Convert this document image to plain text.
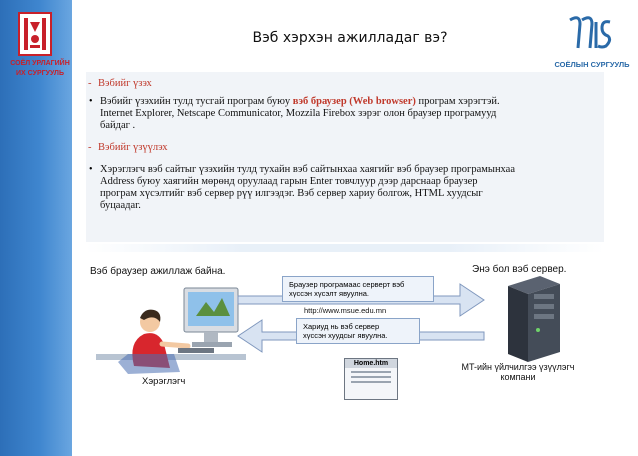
СОЁЛ УРЛАГИЙН
ИХ СУРГУУЛЬ
СОЁЛЫН СУРГУУЛЬ
Вэб хэрхэн ажилладаг вэ?
- Вэбийг үзэх
• Вэбийг үзэхийн тулд тусгай програм буюу вэб браузер (Web browser) програм хэрэгтэй.
Internet Explorer, Netscape Communicator, Mozzila Firebox зэрэг олон браузер програмууд
байдаг .
- Вэбийг үзүүлэх
• Хэрэглэгч вэб сайтыг үзэхийн тулд тухайн вэб сайтынхаа хаягийг вэб браузер програмынхаа
Address буюу хаягийн мөрөнд оруулаад гарын Enter товчлуур дээр дарснаар браузер
програм хүсэлтийг вэб сервер рүү илгээдэг. Вэб сервер хариу болгож, HTML хуудсыг
буцаадаг.
Вэб браузер ажиллаж байна.	Энэ бол вэб сервер.
Хэрэглэгч
Браузер програмаас серверт вэб
хүссэн хүсэлт явуулна.
http://www.msue.edu.mn
Хариуд нь вэб сервер
хүссэн хуудсыг явуулна.
Home.htm	MT-ийн үйлчилгээ үзүүлэгч
компани
